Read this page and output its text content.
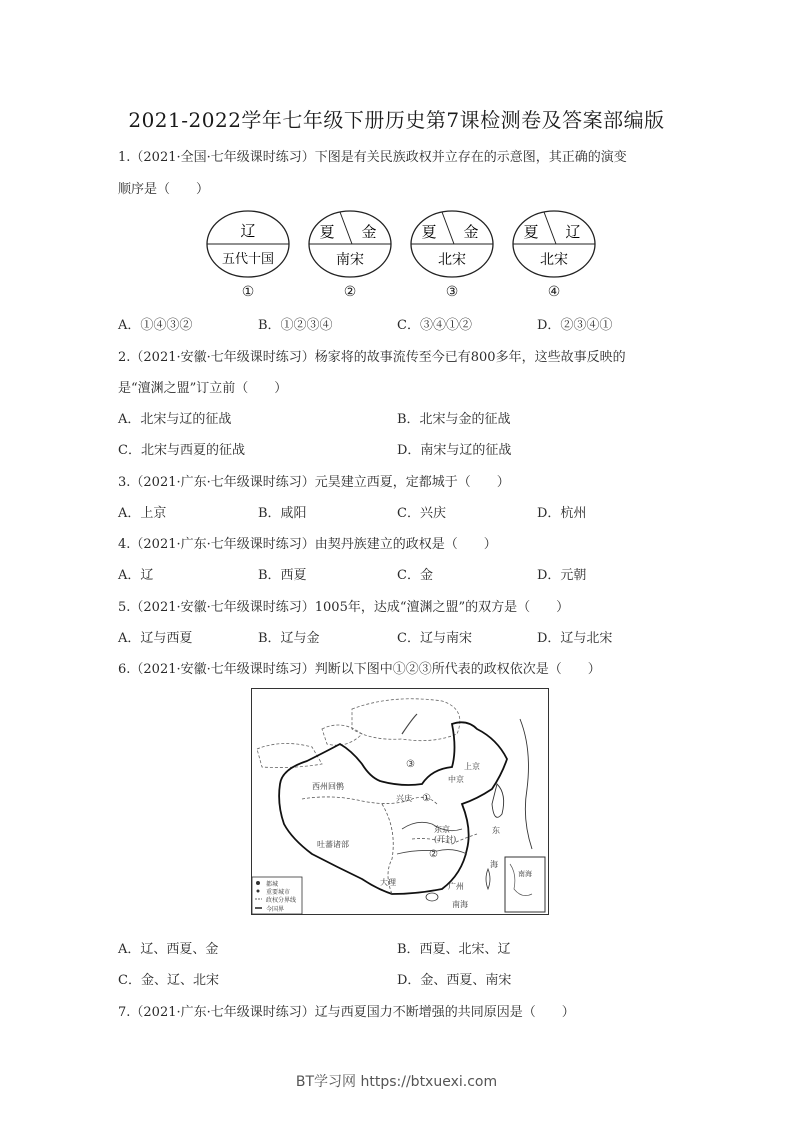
2021-2022学年七年级下册历史第7课检测卷及答案部编版
1.（2021·全国·七年级课时练习）下图是有关民族政权并立存在的示意图，其正确的演变
顺序是（　　）
辽
五代十国
①
夏 金
南宋
②
夏 金
北宋
③
夏 辽
北宋
④
A．①④③②	B．①②③④	C．③④①②	D．②③④①
2.（2021·安徽·七年级课时练习）杨家将的故事流传至今已有800多年，这些故事反映的
是“澶渊之盟”订立前（　　）
A．北宋与辽的征战	B．北宋与金的征战
C．北宋与西夏的征战	D．南宋与辽的征战
3.（2021·广东·七年级课时练习）元昊建立西夏，定都城于（　　）
A．上京	B．咸阳	C．兴庆	D．杭州
4.（2021·广东·七年级课时练习）由契丹族建立的政权是（　　）
A．辽	B．西夏	C．金	D．元朝
5.（2021·安徽·七年级课时练习）1005年，达成“澶渊之盟”的双方是（　　）
A．辽与西夏	B．辽与金	C．辽与南宋	D．辽与北宋
6.（2021·安徽·七年级课时练习）判断以下图中①②③所代表的政权依次是（　　）
③
①
②
上京
中京
兴庆
西州回鹘
吐蕃诸部
大理
东京
(开封)
广州
南海
东
海
南海
都城
重要城市
政权分界线
今国界
A．辽、西夏、金	B．西夏、北宋、辽
C．金、辽、北宋	D．金、西夏、南宋
7.（2021·广东·七年级课时练习）辽与西夏国力不断增强的共同原因是（　　）
BT学习网 https://btxuexi.com
